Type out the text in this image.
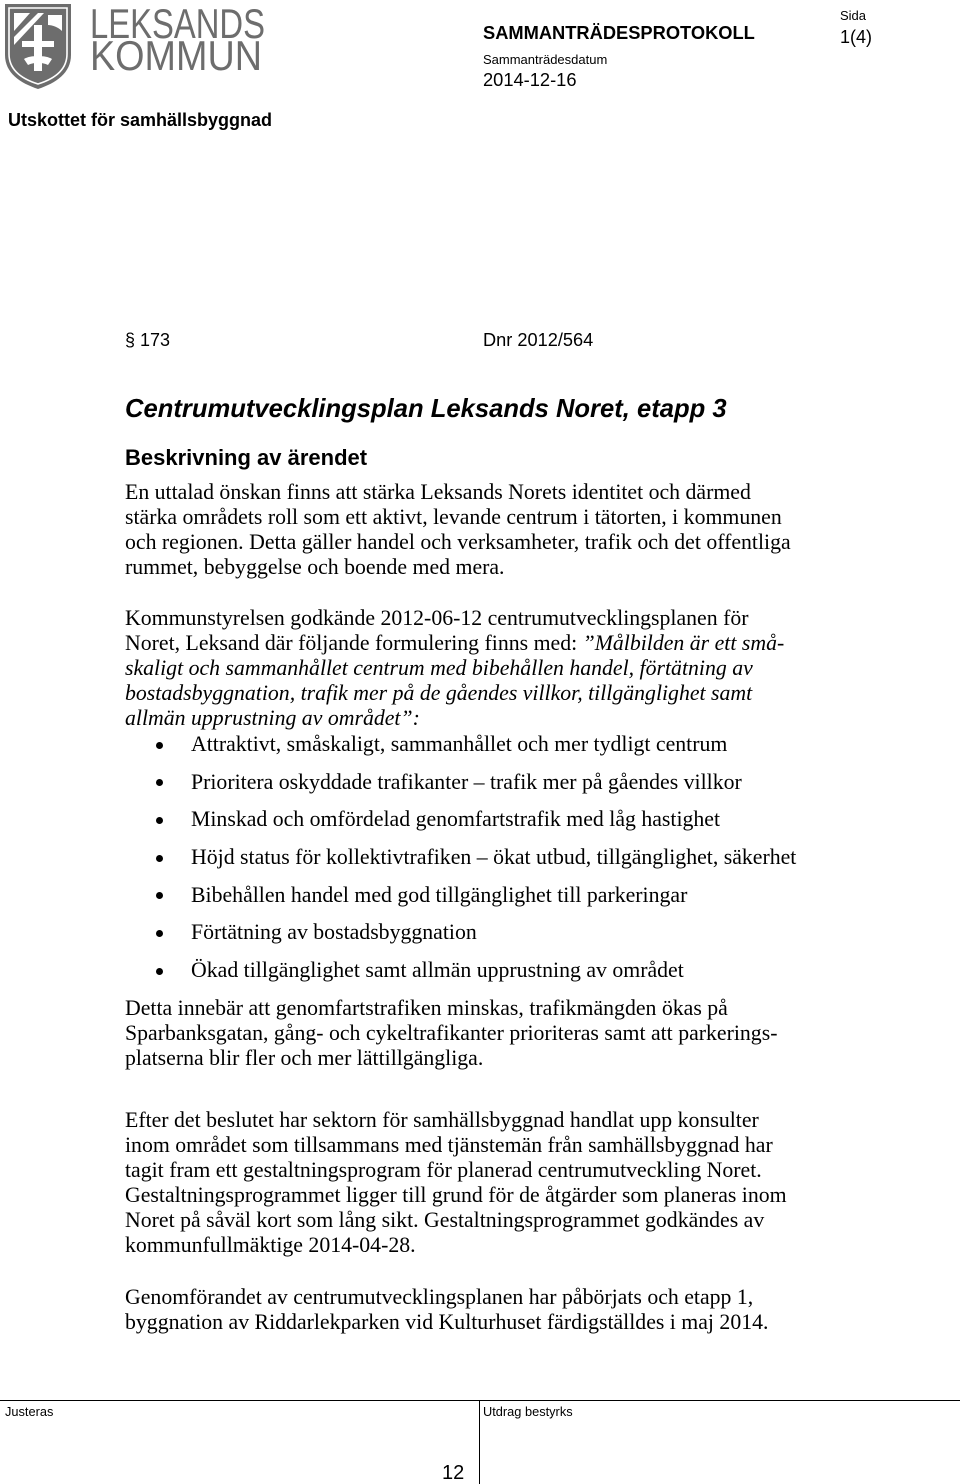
LEKSANDS
KOMMUN	SAMMANTRÄDESPROTOKOLL
Sida
1(4)
Sammanträdesdatum
2014-12-16
Utskottet för samhällsbyggnad
§ 173	Dnr 2012/564
Centrumutvecklingsplan Leksands Noret, etapp 3
Beskrivning av ärendet
En uttalad önskan finns att stärka Leksands Norets identitet och därmed
stärka områdets roll som ett aktivt, levande centrum i tätorten, i kommunen
och regionen. Detta gäller handel och verksamheter, trafik och det offentliga
rummet, bebyggelse och boende med mera.
Kommunstyrelsen godkände 2012-06-12 centrumutvecklingsplanen för
Noret, Leksand där följande formulering finns med: ”Målbilden är ett små-
skaligt och sammanhållet centrum med bibehållen handel, förtätning av
bostadsbyggnation, trafik mer på de gåendes villkor, tillgänglighet samt
allmän upprustning av området”:
Attraktivt, småskaligt, sammanhållet och mer tydligt centrum
Prioritera oskyddade trafikanter – trafik mer på gåendes villkor
Minskad och omfördelad genomfartstrafik med låg hastighet
Höjd status för kollektivtrafiken – ökat utbud, tillgänglighet, säkerhet
Bibehållen handel med god tillgänglighet till parkeringar
Förtätning av bostadsbyggnation
Ökad tillgänglighet samt allmän upprustning av området
Detta innebär att genomfartstrafiken minskas, trafikmängden ökas på
Sparbanksgatan, gång- och cykeltrafikanter prioriteras samt att parkerings-
platserna blir fler och mer lättillgängliga.
Efter det beslutet har sektorn för samhällsbyggnad handlat upp konsulter
inom området som tillsammans med tjänstemän från samhällsbyggnad har
tagit fram ett gestaltningsprogram för planerad centrumutveckling Noret.
Gestaltningsprogrammet ligger till grund för de åtgärder som planeras inom
Noret på såväl kort som lång sikt. Gestaltningsprogrammet godkändes av
kommunfullmäktige 2014-04-28.
Genomförandet av centrumutvecklingsplanen har påbörjats och etapp 1,
byggnation av Riddarlekparken vid Kulturhuset färdigställdes i maj 2014.
Justeras	Utdrag bestyrks
12
